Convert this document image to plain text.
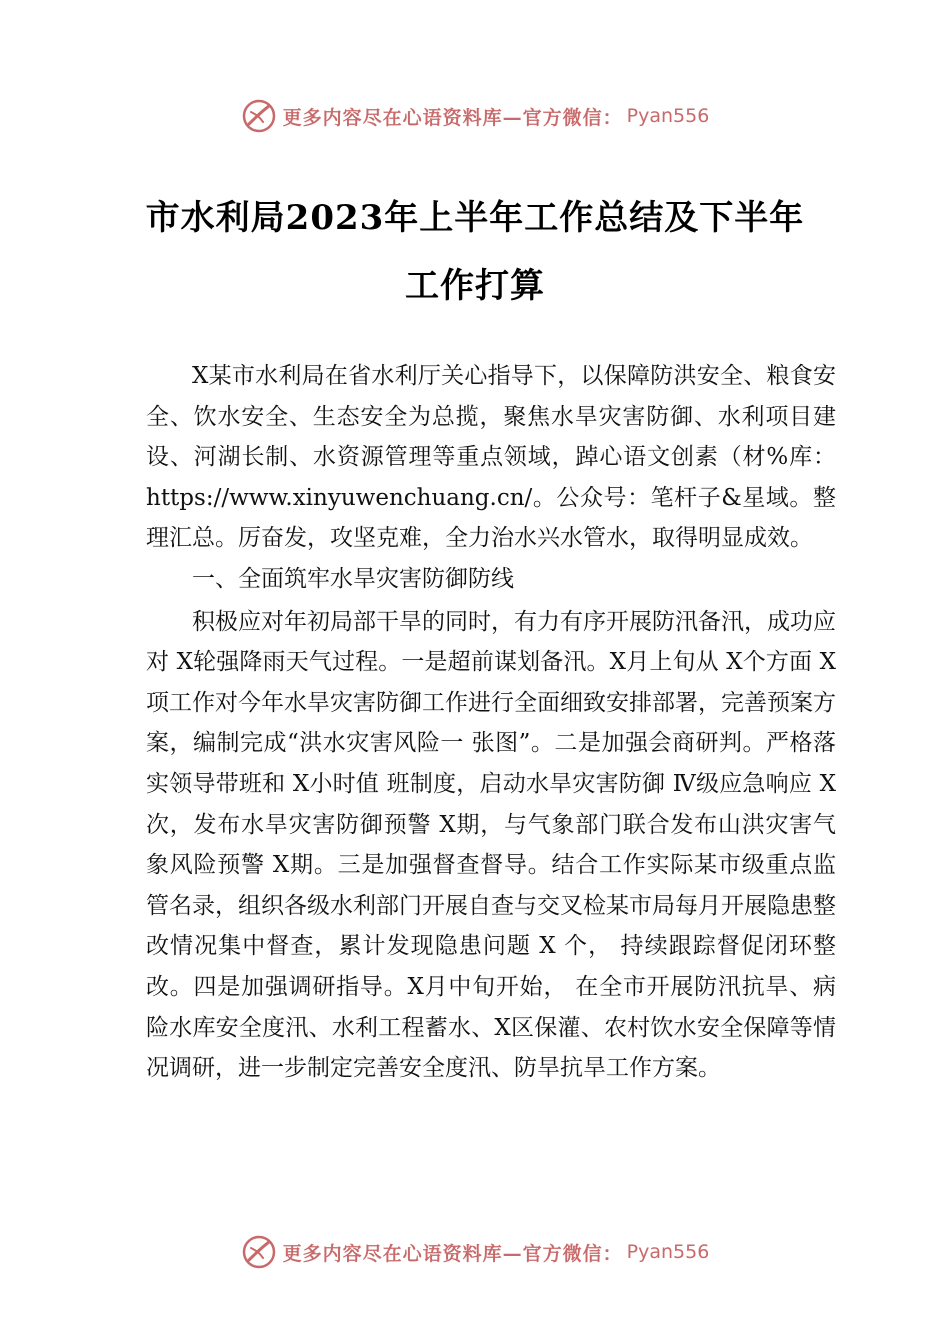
更多内容尽在心语资料库—官方微信： Pyan556
市水利局2023年上半年工作总结及下半年
工作打算

X某市水利局在省水利厅关心指导下，以保障防洪安全、粮食安全、饮水安全、生态安全为总揽，聚焦水旱灾害防御、水利项目建设、河湖长制、水资源管理等重点领域，踔心语文创素（材%库：https://www.xinyuwenchuang.cn/。公众号：笔杆子&星域。整理汇总。厉奋发，攻坚克难，全力治水兴水管水，取得明显成效。

一、全面筑牢水旱灾害防御防线

积极应对年初局部干旱的同时，有力有序开展防汛备汛，成功应对 X轮强降雨天气过程。一是超前谋划备汛。X月上旬从 X个方面 X项工作对今年水旱灾害防御工作进行全面细致安排部署，完善预案方案，编制完成“洪水灾害风险一 张图”。二是加强会商研判。严格落实领导带班和 X小时值 班制度，启动水旱灾害防御 Ⅳ级应急响应 X次，发布水旱灾害防御预警 X期，与气象部门联合发布山洪灾害气象风险预警 X期。三是加强督查督导。结合工作实际某市级重点监管名录，组织各级水利部门开展自查与交叉检某市局每月开展隐患整改情况集中督查，累计发现隐患问题 X 个， 持续跟踪督促闭环整改。四是加强调研指导。X月中旬开始， 在全市开展防汛抗旱、病险水库安全度汛、水利工程蓄水、X区保灌、农村饮水安全保障等情况调研，进一步制定完善安全度汛、防旱抗旱工作方案。

更多内容尽在心语资料库—官方微信： Pyan556
